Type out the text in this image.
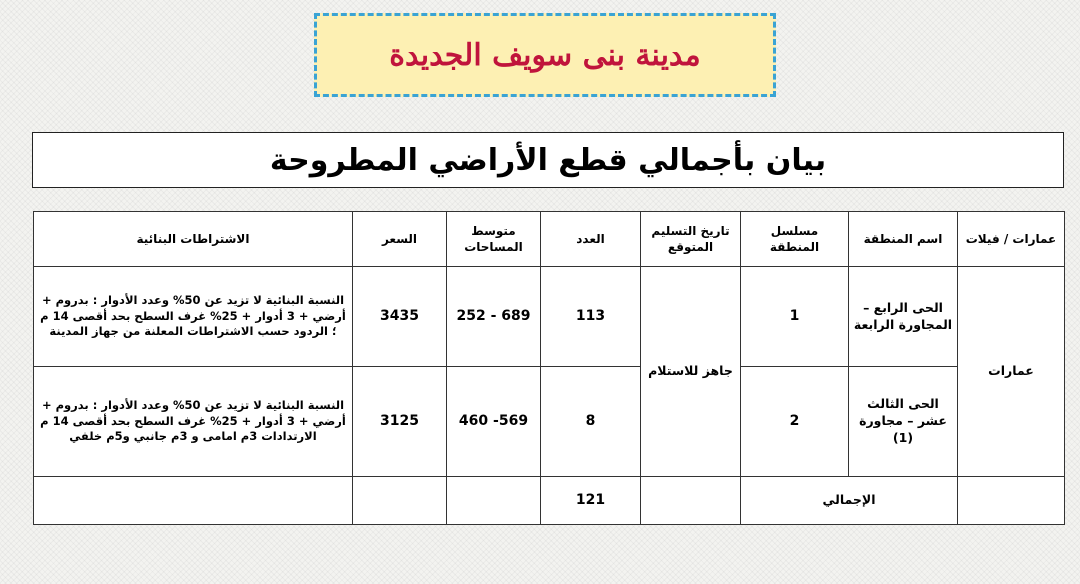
مدينة بنى سويف الجديدة
بيان بأجمالي قطع الأراضي المطروحة
عمارات / فيلات	اسم المنطقة	مسلسل المنطقة	تاريخ التسليم المتوقع	العدد	متوسط المساحات	السعر	الاشتراطات البنائية
عمارات	الحى الرابع – المجاورة الرابعة	1	جاهز للاستلام	113	252 - 689	3435	النسبة البنائية لا تزيد عن 50% وعدد الأدوار : بدروم + أرضي + 3 أدوار + 25% غرف السطح بحد أقصى 14 م ؛ الردود حسب الاشتراطات المعلنة من جهاز المدينة
	الحى الثالث عشر – مجاورة (1)	2		8	460 -569	3125	النسبة البنائية لا تزيد عن 50% وعدد الأدوار : بدروم + أرضي + 3 أدوار + 25% غرف السطح بحد أقصى 14 م الارتدادات 3م امامى و 3م جانبي و5م خلفي
	الإجمالي			121			
